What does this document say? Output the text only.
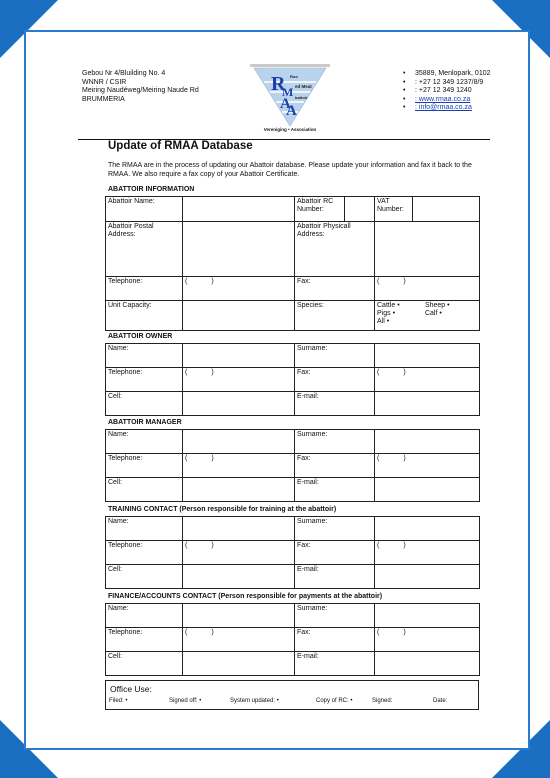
Gebou Nr 4/Bluilding No. 4
WNNR / CSIR
Meiring Naudéweg/Meiring Naude Rd
BRUMMERIA
R
M
A
A
Roo
ed Meat
battoir
Vereniging • Association
• 35889, Menlopark, 0102
• : +27 12 349 1237/8/9
• : +27 12 349 1240
• : www.rmaa.co.za
• : info@rmaa.co.za
Update of RMAA Database
The RMAA are in the process of updating our Abattoir database. Please update your information and fax it back to the RMAA. We also require a fax copy of your Abattoir Certificate.
ABATTOIR INFORMATION
Abattoir Name:		Abattoir RC Number:		VAT Number:	
Abattoir Postal Address:		Abattoir Physicall Address:	
Telephone:	(	)	Fax:	(	)
Unit Capacity:		Species:		Cattle •	Sheep •
Pigs •	Calf •
All •	
ABATTOIR OWNER
Name:		Surname:	
Telephone:	( )	Fax:	( )
Cell:		E-mail:	
ABATTOIR MANAGER
Name:		Surname:	
Telephone:	( )	Fax:	( )
Cell:		E-mail:	
TRAINING CONTACT (Person responsible for training at the abattoir)
Name:		Surname:	
Telephone:	( )	Fax:	( )
Cell:		E-mail:	
FINANCE/ACCOUNTS CONTACT (Person responsible for payments at the abattoir)
Name:		Surname:	
Telephone:	( )	Fax:	( )
Cell:		E-mail:	
Office Use:
Filed: •	Signed off: •	System updated: •	Copy of RC: •	Signed:	Date:
